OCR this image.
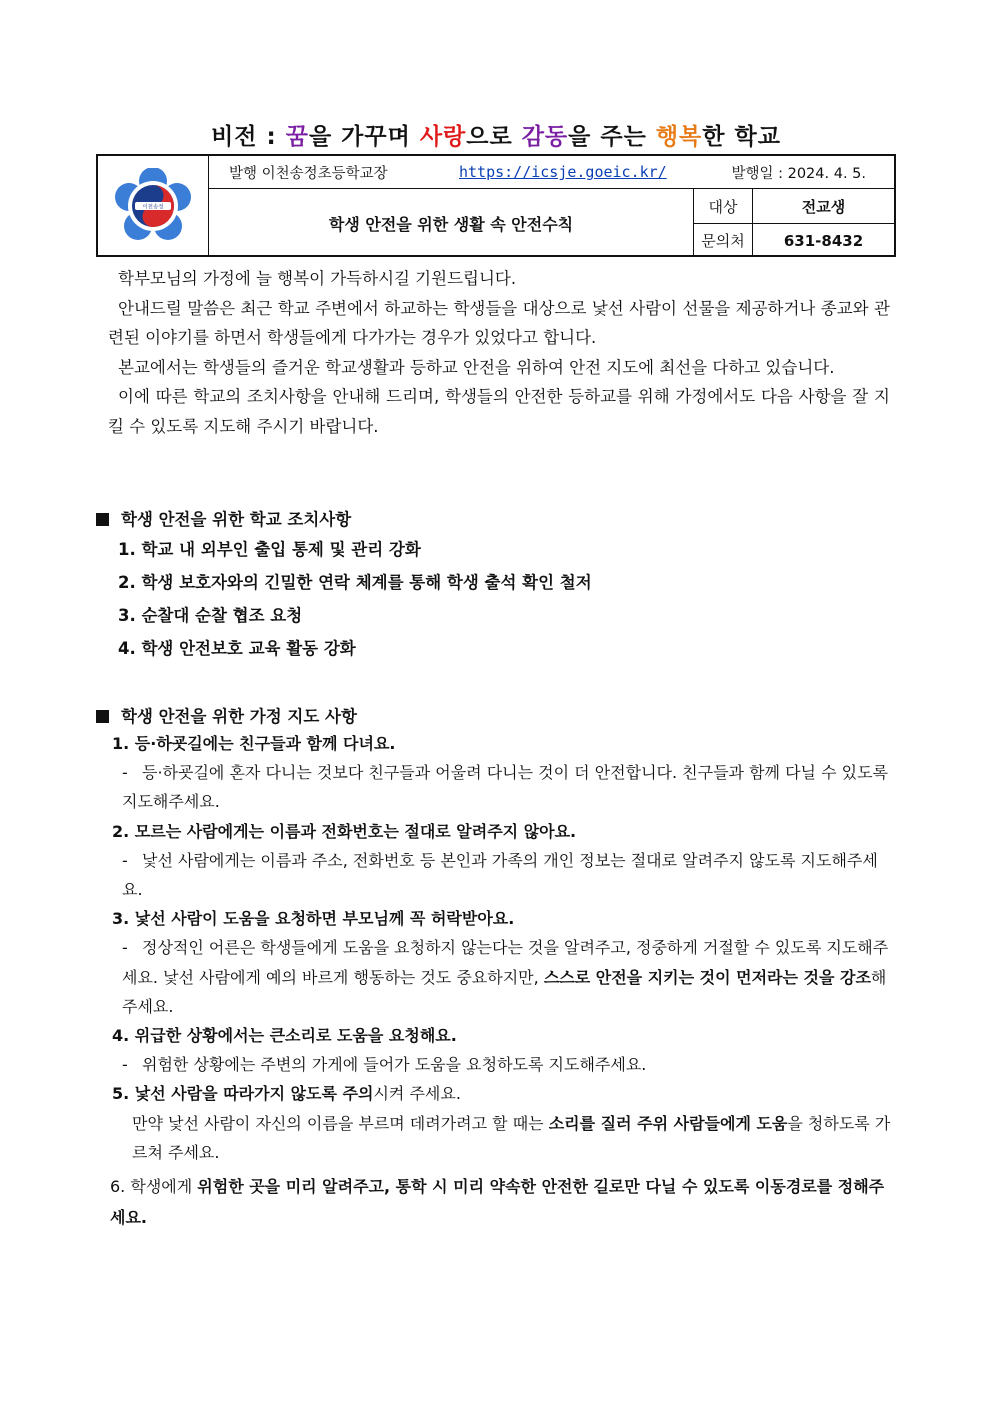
비전 : 꿈을 가꾸며 사랑으로 감동을 주는 행복한 학교
이천송정
발행 이천송정초등학교장	https://icsje.goeic.kr/	발행일 : 2024. 4. 5.
학생 안전을 위한 생활 속 안전수칙
대상	전교생
문의처	631-8432

학부모님의 가정에 늘 행복이 가득하시길 기원드립니다.

안내드릴 말씀은 최근 학교 주변에서 하교하는 학생들을 대상으로 낯선 사람이 선물을 제공하거나 종교와 관련된 이야기를 하면서 학생들에게 다가가는 경우가 있었다고 합니다.

본교에서는 학생들의 즐거운 학교생활과 등하교 안전을 위하여 안전 지도에 최선을 다하고 있습니다.

이에 따른 학교의 조치사항을 안내해 드리며, 학생들의 안전한 등하교를 위해 가정에서도 다음 사항을 잘 지킬 수 있도록 지도해 주시기 바랍니다.

학생 안전을 위한 학교 조치사항
1. 학교 내 외부인 출입 통제 및 관리 강화
2. 학생 보호자와의 긴밀한 연락 체계를 통해 학생 출석 확인 철저
3. 순찰대 순찰 협조 요청
4. 학생 안전보호 교육 활동 강화
학생 안전을 위한 가정 지도 사항
1. 등·하굣길에는 친구들과 함께 다녀요.
- 등·하굣길에 혼자 다니는 것보다 친구들과 어울려 다니는 것이 더 안전합니다. 친구들과 함께 다닐 수 있도록 지도해주세요.
2. 모르는 사람에게는 이름과 전화번호는 절대로 알려주지 않아요.
- 낯선 사람에게는 이름과 주소, 전화번호 등 본인과 가족의 개인 정보는 절대로 알려주지 않도록 지도해주세요.
3. 낯선 사람이 도움을 요청하면 부모님께 꼭 허락받아요.
- 정상적인 어른은 학생들에게 도움을 요청하지 않는다는 것을 알려주고, 정중하게 거절할 수 있도록 지도해주세요. 낯선 사람에게 예의 바르게 행동하는 것도 중요하지만, 스스로 안전을 지키는 것이 먼저라는 것을 강조해 주세요.
4. 위급한 상황에서는 큰소리로 도움을 요청해요.
- 위험한 상황에는 주변의 가게에 들어가 도움을 요청하도록 지도해주세요.
5. 낯선 사람을 따라가지 않도록 주의시켜 주세요.
만약 낯선 사람이 자신의 이름을 부르며 데려가려고 할 때는 소리를 질러 주위 사람들에게 도움을 청하도록 가르쳐 주세요.
6. 학생에게 위험한 곳을 미리 알려주고, 통학 시 미리 약속한 안전한 길로만 다닐 수 있도록 이동경로를 정해주세요.
